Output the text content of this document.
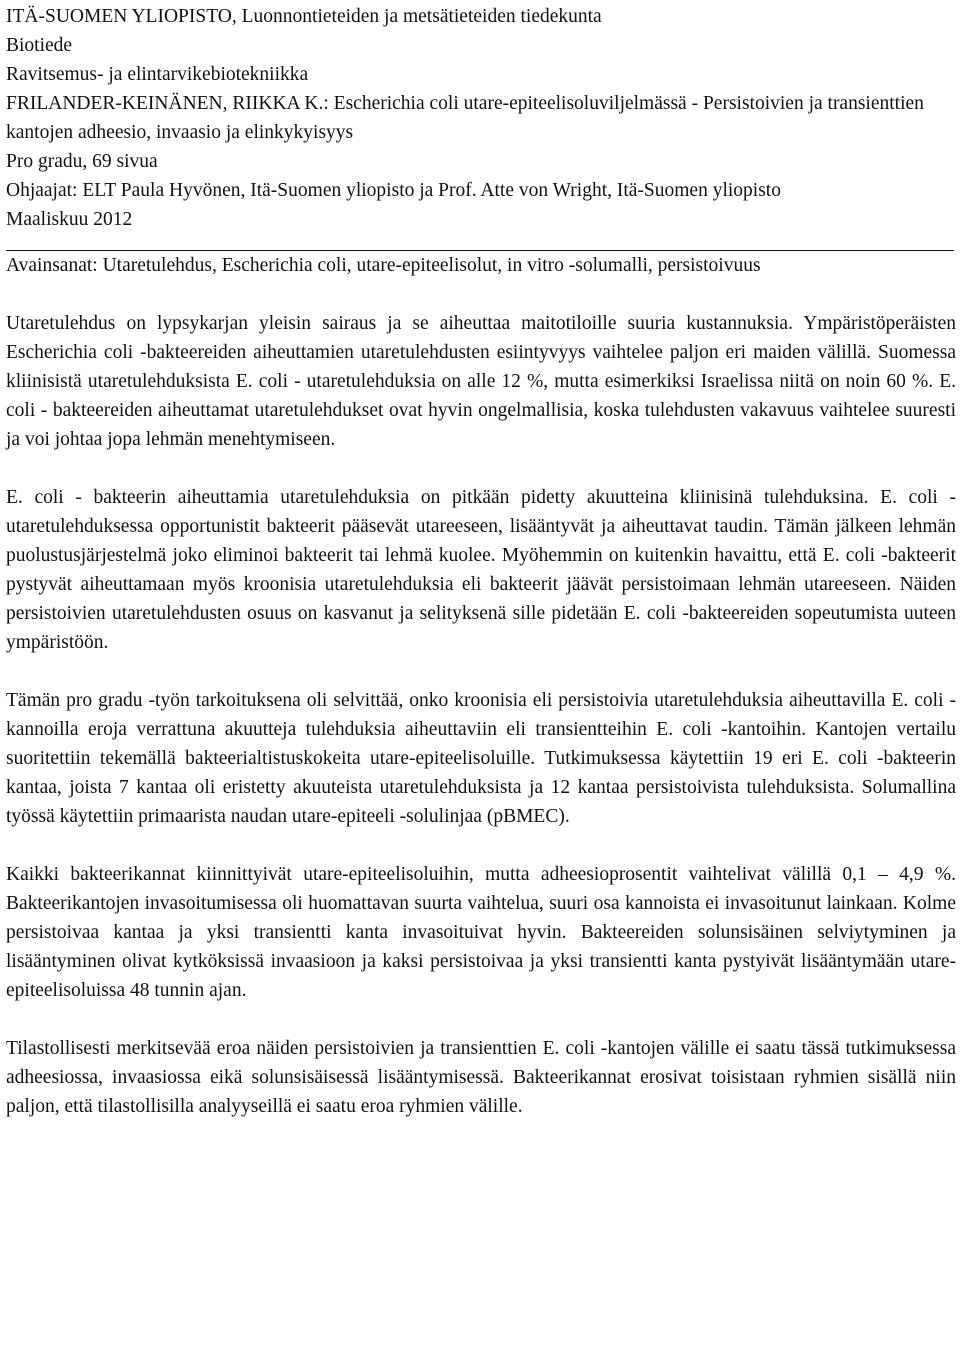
ITÄ-SUOMEN YLIOPISTO, Luonnontieteiden ja metsätieteiden tiedekunta
Biotiede
Ravitsemus- ja elintarvikebiotekniikka
FRILANDER-KEINÄNEN, RIIKKA K.: Escherichia coli utare-epiteelisoluviljelmässä - Persistoivien ja transienttien kantojen adheesio, invaasio ja elinkykyisyys
Pro gradu, 69 sivua
Ohjaajat: ELT Paula Hyvönen, Itä-Suomen yliopisto ja Prof. Atte von Wright, Itä-Suomen yliopisto
Maaliskuu 2012

Avainsanat: Utaretulehdus, Escherichia coli, utare-epiteelisolut, in vitro -solumalli, persistoivuus

Utaretulehdus on lypsykarjan yleisin sairaus ja se aiheuttaa maitotiloille suuria kustannuksia. Ympäristöperäisten Escherichia coli -bakteereiden aiheuttamien utaretulehdusten esiintyvyys vaihtelee paljon eri maiden välillä. Suomessa kliinisistä utaretulehduksista E. coli - utaretulehduksia on alle 12 %, mutta esimerkiksi Israelissa niitä on noin 60 %. E. coli - bakteereiden aiheuttamat utaretulehdukset ovat hyvin ongelmallisia, koska tulehdusten vakavuus vaihtelee suuresti ja voi johtaa jopa lehmän menehtymiseen.

E. coli - bakteerin aiheuttamia utaretulehduksia on pitkään pidetty akuutteina kliinisinä tulehduksina. E. coli -utaretulehduksessa opportunistit bakteerit pääsevät utareeseen, lisääntyvät ja aiheuttavat taudin. Tämän jälkeen lehmän puolustusjärjestelmä joko eliminoi bakteerit tai lehmä kuolee. Myöhemmin on kuitenkin havaittu, että E. coli -bakteerit pystyvät aiheuttamaan myös kroonisia utaretulehduksia eli bakteerit jäävät persistoimaan lehmän utareeseen. Näiden persistoivien utaretulehdusten osuus on kasvanut ja selityksenä sille pidetään E. coli -bakteereiden sopeutumista uuteen ympäristöön.

Tämän pro gradu -työn tarkoituksena oli selvittää, onko kroonisia eli persistoivia utaretulehduksia aiheuttavilla E. coli -kannoilla eroja verrattuna akuutteja tulehduksia aiheuttaviin eli transientteihin E. coli -kantoihin. Kantojen vertailu suoritettiin tekemällä bakteerialtistuskokeita utare-epiteelisoluille. Tutkimuksessa käytettiin 19 eri E. coli -bakteerin kantaa, joista 7 kantaa oli eristetty akuuteista utaretulehduksista ja 12 kantaa persistoivista tulehduksista. Solumallina työssä käytettiin primaarista naudan utare-epiteeli -solulinjaa (pBMEC).

Kaikki bakteerikannat kiinnittyivät utare-epiteelisoluihin, mutta adheesioprosentit vaihtelivat välillä 0,1 – 4,9 %. Bakteerikantojen invasoitumisessa oli huomattavan suurta vaihtelua, suuri osa kannoista ei invasoitunut lainkaan. Kolme persistoivaa kantaa ja yksi transientti kanta invasoituivat hyvin. Bakteereiden solunsisäinen selviytyminen ja lisääntyminen olivat kytköksissä invaasioon ja kaksi persistoivaa ja yksi transientti kanta pystyivät lisääntymään utare-epiteelisoluissa 48 tunnin ajan.

Tilastollisesti merkitsevää eroa näiden persistoivien ja transienttien E. coli -kantojen välille ei saatu tässä tutkimuksessa adheesiossa, invaasiossa eikä solunsisäisessä lisääntymisessä. Bakteerikannat erosivat toisistaan ryhmien sisällä niin paljon, että tilastollisilla analyyseillä ei saatu eroa ryhmien välille.
